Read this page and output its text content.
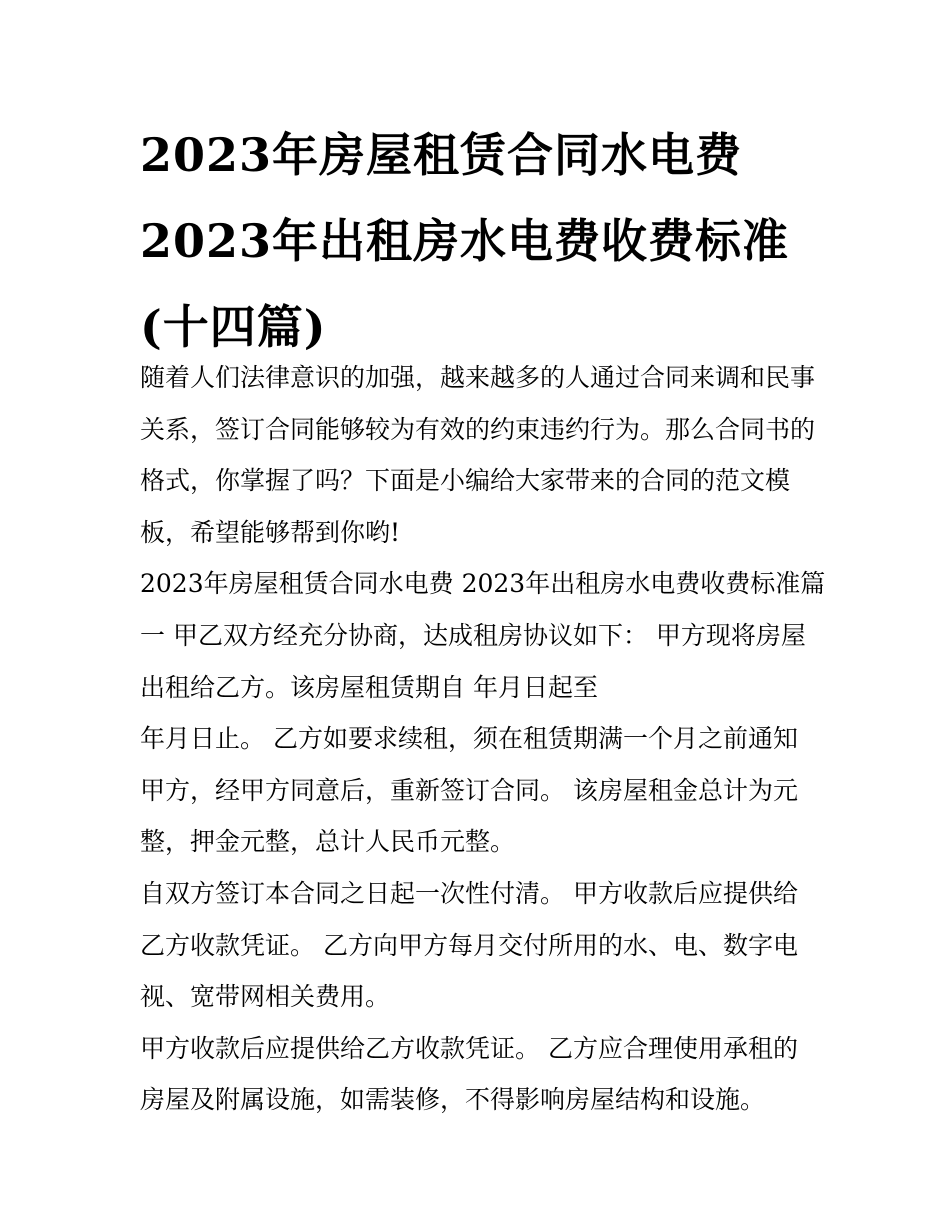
2023年房屋租赁合同水电费
2023年出租房水电费收费标准
(十四篇)
随着人们法律意识的加强，越来越多的人通过合同来调和民事
关系，签订合同能够较为有效的约束违约行为。那么合同书的
格式，你掌握了吗？下面是小编给大家带来的合同的范文模
板，希望能够帮到你哟!
2023年房屋租赁合同水电费 2023年出租房水电费收费标准篇
一 甲乙双方经充分协商，达成租房协议如下： 甲方现将房屋
出租给乙方。该房屋租赁期自 年月日起至
年月日止。 乙方如要求续租，须在租赁期满一个月之前通知
甲方，经甲方同意后，重新签订合同。 该房屋租金总计为元
整，押金元整，总计人民币元整。
自双方签订本合同之日起一次性付清。 甲方收款后应提供给
乙方收款凭证。 乙方向甲方每月交付所用的水、电、数字电
视、宽带网相关费用。
甲方收款后应提供给乙方收款凭证。 乙方应合理使用承租的
房屋及附属设施，如需装修，不得影响房屋结构和设施。
